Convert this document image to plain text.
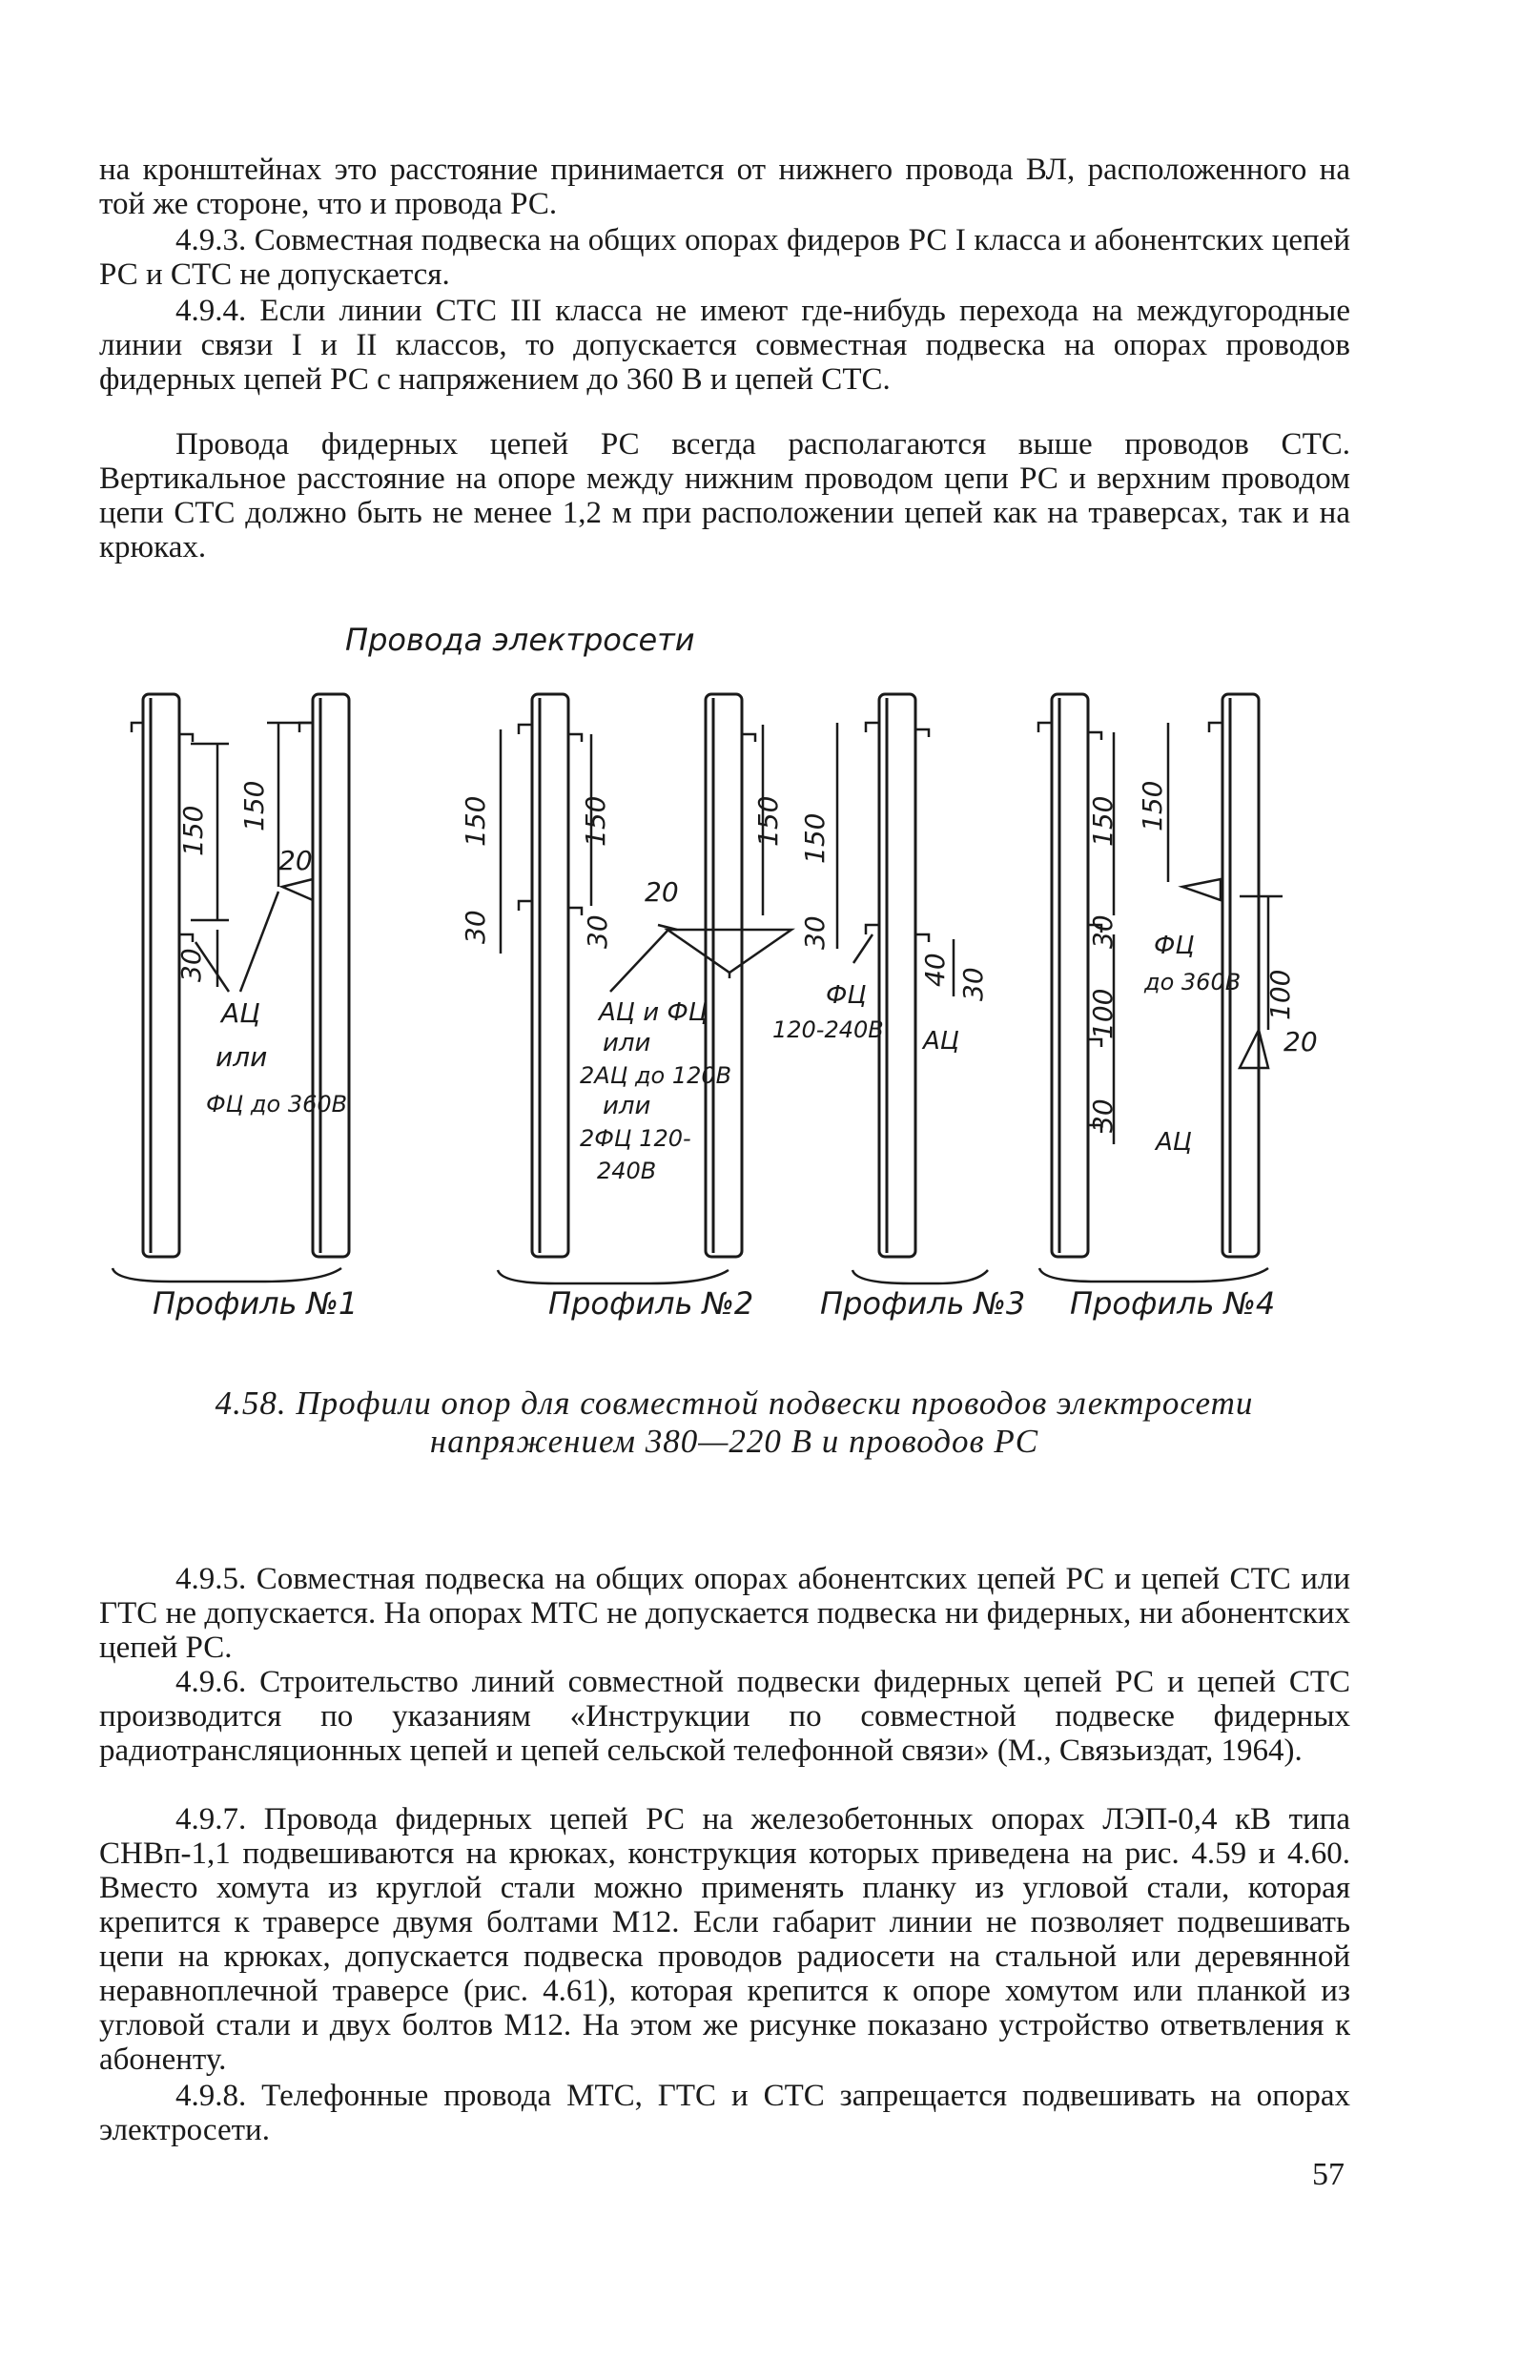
на кронштейнах это расстояние принимается от нижнего провода ВЛ, расположенного на той же стороне, что и провода РС.

4.9.3. Совместная подвеска на общих опорах фидеров РС I класса и абонентских цепей РС и СТС не допускается.

4.9.4. Если линии СТС III класса не имеют где-нибудь перехода на междугородные линии связи I и II классов, то допускается совместная подвеска на опорах проводов фидерных цепей РС с напряжением до 360 В и цепей СТС.

Провода фидерных цепей РС всегда располагаются выше проводов СТС. Вертикальное расстояние на опоре между нижним проводом цепи РС и верхним проводом цепи СТС должно быть не менее 1,2 м при расположении цепей как на траверсах, так и на крюках.

Провода электросети
150 150
20
30
АЦ
или
ФЦ до 360В
150
30
150
30
20
150
АЦ и ФЦ
или
2АЦ до 120В
или
2ФЦ 120-
240В
150
30
40 30
ФЦ
120-240В АЦ
150 150
30
100
30
100
20
ФЦ
до 360В
АЦ
Профиль №1	Профиль №2 Профиль №3 Профиль №4
4.58. Профили опор для совместной подвески проводов электросети
напряжением 380—220 В и проводов РС

4.9.5. Совместная подвеска на общих опорах абонентских цепей РС и цепей СТС или ГТС не допускается. На опорах МТС не допускается подвеска ни фидерных, ни абонентских цепей РС.

4.9.6. Строительство линий совместной подвески фидерных цепей РС и цепей СТС производится по указаниям «Инструкции по совместной подвеске фидерных радиотрансляционных цепей и цепей сельской телефонной связи» (М., Связьиздат, 1964).

4.9.7. Провода фидерных цепей РС на железобетонных опорах ЛЭП-0,4 кВ типа СНВп-1,1 подвешиваются на крюках, конструкция которых приведена на рис. 4.59 и 4.60. Вместо хомута из круглой стали можно применять планку из угловой стали, которая крепится к траверсе двумя болтами М12. Если габарит линии не позволяет подвешивать цепи на крюках, допускается подвеска проводов радиосети на стальной или деревянной неравноплечной траверсе (рис. 4.61), которая крепится к опоре хомутом или планкой из угловой стали и двух болтов М12. На этом же рисунке показано устройство ответвления к абоненту.

4.9.8. Телефонные провода МТС, ГТС и СТС запрещается подвешивать на опорах электросети.

57
